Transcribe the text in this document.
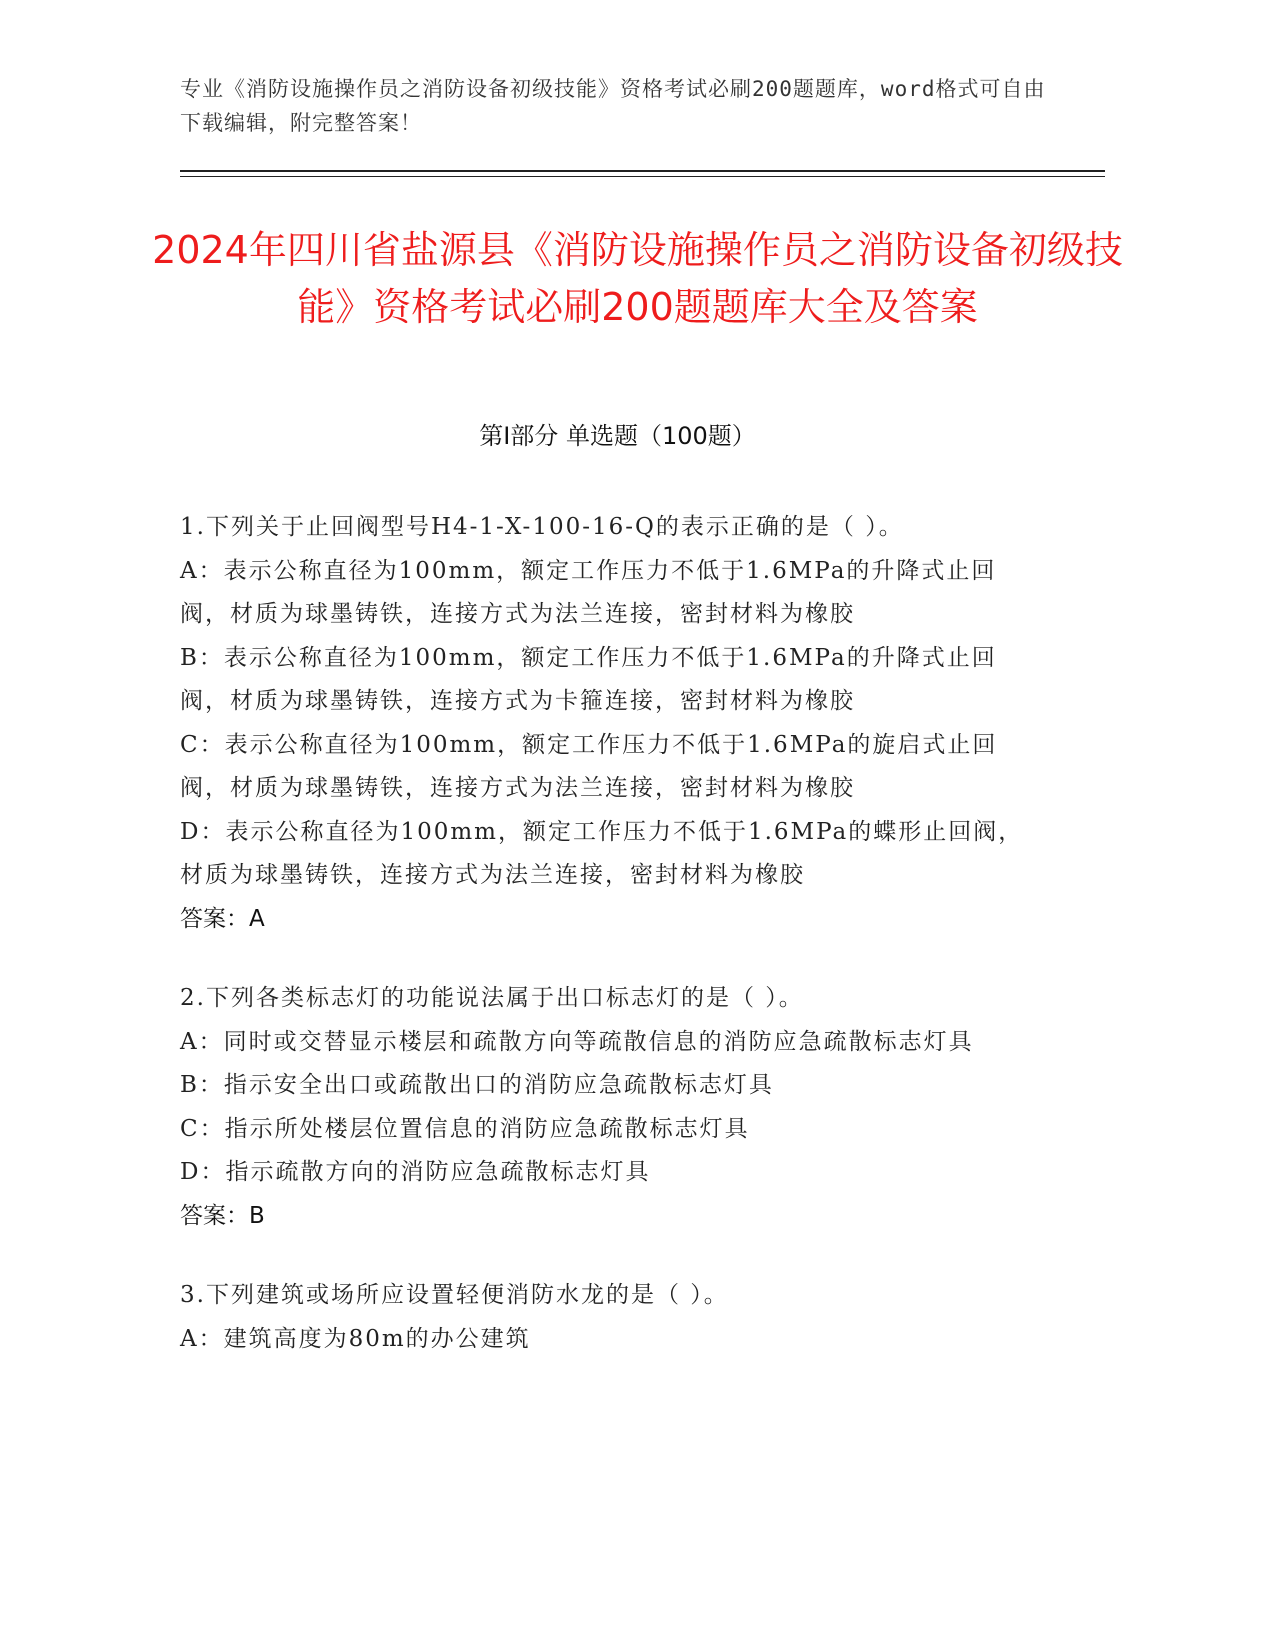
专业《消防设施操作员之消防设备初级技能》资格考试必刷200题题库，word格式可自由下载编辑，附完整答案！
2024年四川省盐源县《消防设施操作员之消防设备初级技能》资格考试必刷200题题库大全及答案
第I部分 单选题（100题）

1.下列关于止回阀型号H4-1-X-100-16-Q的表示正确的是（ ）。

A：表示公称直径为100mm，额定工作压力不低于1.6MPa的升降式止回阀，材质为球墨铸铁，连接方式为法兰连接，密封材料为橡胶

B：表示公称直径为100mm，额定工作压力不低于1.6MPa的升降式止回阀，材质为球墨铸铁，连接方式为卡箍连接，密封材料为橡胶

C：表示公称直径为100mm，额定工作压力不低于1.6MPa的旋启式止回阀，材质为球墨铸铁，连接方式为法兰连接，密封材料为橡胶

D：表示公称直径为100mm，额定工作压力不低于1.6MPa的蝶形止回阀，材质为球墨铸铁，连接方式为法兰连接，密封材料为橡胶

答案：A

2.下列各类标志灯的功能说法属于出口标志灯的是（ ）。

A：同时或交替显示楼层和疏散方向等疏散信息的消防应急疏散标志灯具

B：指示安全出口或疏散出口的消防应急疏散标志灯具

C：指示所处楼层位置信息的消防应急疏散标志灯具

D：指示疏散方向的消防应急疏散标志灯具

答案：B

3.下列建筑或场所应设置轻便消防水龙的是（ ）。

A：建筑高度为80m的办公建筑
